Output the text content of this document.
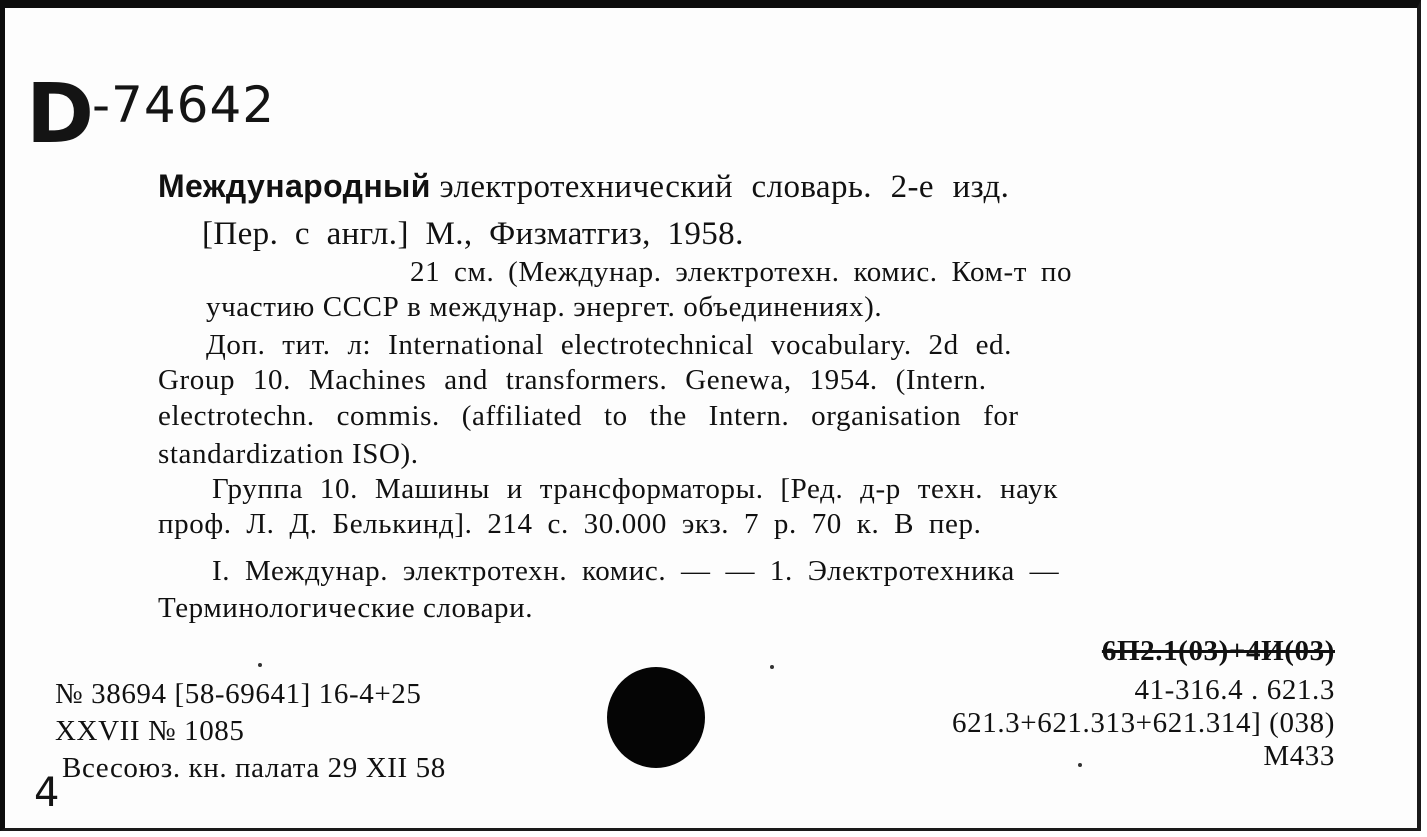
D
-74642
Международный электротехнический словарь. 2-е изд.
[Пер. с англ.] М., Физматгиз, 1958.
21 см. (Междунар. электротехн. комис. Ком-т по
участию СССР в междунар. энергет. объединениях).
Доп. тит. л: International electrotechnical vocabulary. 2d ed.
Group 10. Machines and transformers. Genewa, 1954. (Intern.
electrotechn. commis. (affiliated to the Intern. organisation for
standardization ISO).
Группа 10. Машины и трансформаторы. [Ред. д-р техн. наук
проф. Л. Д. Белькинд]. 214 с. 30.000 экз. 7 р. 70 к. В пер.
I. Междунар. электротехн. комис. — — 1. Электротехника —
Терминологические словари.
№ 38694 [58-69641] 16-4+25
XXVII № 1085
Всесоюз. кн. палата 29 XII 58
4
6П2.1(03)+4И(03)
41-316.4 . 621.3
621.3+621.313+621.314] (038)
М433
